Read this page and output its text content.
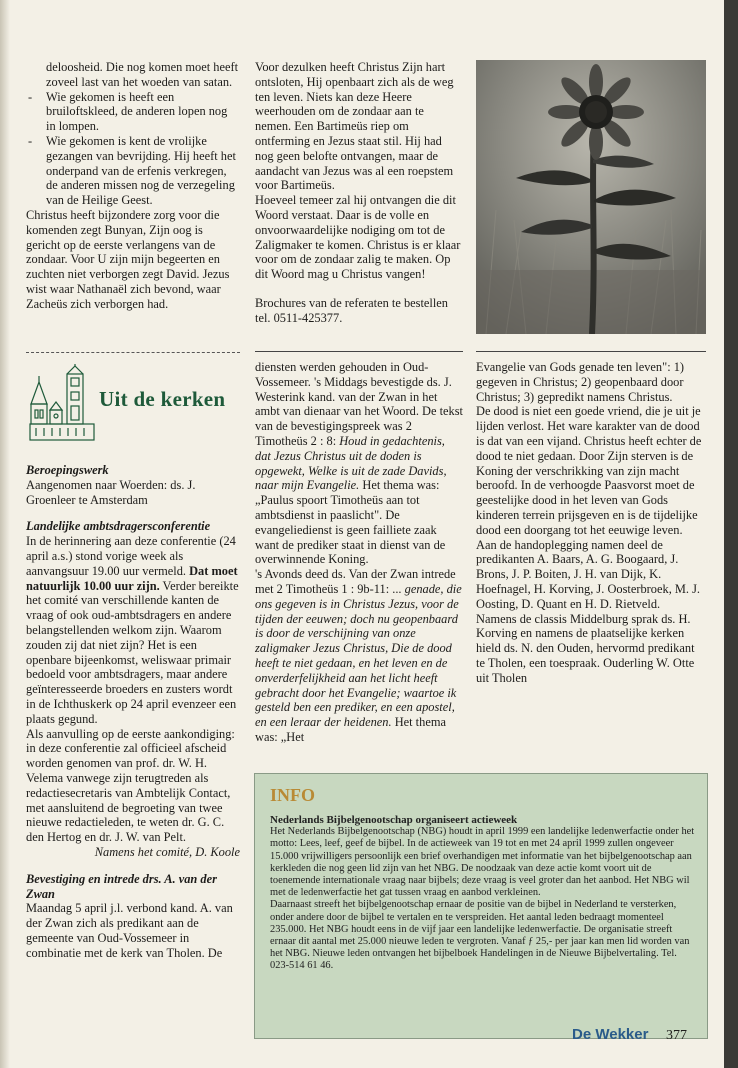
deloosheid. Die nog komen moet heeft zoveel last van het woeden van satan.

- Wie gekomen is heeft een bruiloftskleed, de anderen lopen nog in lompen.

- Wie gekomen is kent de vrolijke gezangen van bevrijding. Hij heeft het onderpand van de erfenis verkregen, de anderen missen nog de verzegeling van de Heilige Geest.

Christus heeft bijzondere zorg voor die komenden zegt Bunyan, Zijn oog is gericht op de eerste verlangens van de zondaar. Voor U zijn mijn begeerten en zuchten niet verborgen zegt David. Jezus wist waar Nathanaël zich bevond, waar Zacheüs zich verborgen had.

Voor dezulken heeft Christus Zijn hart ontsloten, Hij openbaart zich als de weg ten leven. Niets kan deze Heere weerhouden om de zondaar aan te nemen. Een Bartimeüs riep om ontferming en Jezus staat stil. Hij had nog geen belofte ontvangen, maar de aandacht van Jezus was al een roepstem voor Bartimeüs.

Hoeveel temeer zal hij ontvangen die dit Woord verstaat. Daar is de volle en onvoorwaardelijke nodiging om tot de Zaligmaker te komen. Christus is er klaar voor om de zondaar zalig te maken. Op dit Woord mag u Christus vangen!

Brochures van de referaten te bestellen tel. 0511-425377.

Uit de kerken

Beroepingswerk

Aangenomen naar Woerden: ds. J. Groenleer te Amsterdam

Landelijke ambtsdragersconferentie

In de herinnering aan deze conferentie (24 april a.s.) stond vorige week als aanvangsuur 19.00 uur vermeld. Dat moet natuurlijk 10.00 uur zijn. Verder bereikte het comité van verschillende kanten de vraag of ook oud-ambtsdragers en andere belangstellenden welkom zijn. Waarom zouden zij dat niet zijn? Het is een openbare bijeenkomst, weliswaar primair bedoeld voor ambtsdragers, maar andere geïnteresseerde broeders en zusters wordt in de Ichthuskerk op 24 april evenzeer een plaats gegund.

Als aanvulling op de eerste aankondiging: in deze conferentie zal officieel afscheid worden genomen van prof. dr. W. H. Velema vanwege zijn terugtreden als redactiesecretaris van Ambtelijk Contact, met aansluitend de begroeting van twee nieuwe redactieleden, te weten dr. G. C. den Hertog en dr. J. W. van Pelt.

Namens het comité, D. Koole

Bevestiging en intrede drs. A. van der Zwan

Maandag 5 april j.l. verbond kand. A. van der Zwan zich als predikant aan de gemeente van Oud-Vossemeer in combinatie met de kerk van Tholen. De

diensten werden gehouden in Oud-Vossemeer. 's Middags bevestigde ds. J. Westerink kand. van der Zwan in het ambt van dienaar van het Woord. De tekst van de bevestigingspreek was 2 Timotheüs 2 : 8: Houd in gedachtenis, dat Jezus Christus uit de doden is opgewekt, Welke is uit de zade Davids, naar mijn Evangelie. Het thema was: „Paulus spoort Timotheüs aan tot ambtsdienst in paaslicht". De evangeliedienst is geen failliete zaak want de prediker staat in dienst van de overwinnende Koning.

's Avonds deed ds. Van der Zwan intrede met 2 Timotheüs 1 : 9b-11: ... genade, die ons gegeven is in Christus Jezus, voor de tijden der eeuwen; doch nu geopenbaard is door de verschijning van onze zaligmaker Jezus Christus, Die de dood heeft te niet gedaan, en het leven en de onverderfelijkheid aan het licht heeft gebracht door het Evangelie; waartoe ik gesteld ben een prediker, en een apostel, en een leraar der heidenen. Het thema was: „Het

Evangelie van Gods genade ten leven": 1) gegeven in Christus; 2) geopenbaard door Christus; 3) gepredikt namens Christus.

De dood is niet een goede vriend, die je uit je lijden verlost. Het ware karakter van de dood is dat van een vijand. Christus heeft echter de dood te niet gedaan. Door Zijn sterven is de Koning der verschrikking van zijn macht beroofd. In de verhoogde Paasvorst moet de geestelijke dood in het leven van Gods kinderen terrein prijsgeven en is de tijdelijke dood een doorgang tot het eeuwige leven.

Aan de handoplegging namen deel de predikanten A. Baars, A. G. Boogaard, J. Brons, J. P. Boiten, J. H. van Dijk, K. Hoefnagel, H. Korving, J. Oosterbroek, M. J. Oosting, D. Quant en H. D. Rietveld.

Namens de classis Middelburg sprak ds. H. Korving en namens de plaatselijke kerken hield ds. N. den Ouden, hervormd predikant te Tholen, een toespraak. Ouderling W. Otte uit Tholen

INFO

Nederlands Bijbelgenootschap organiseert actieweek

Het Nederlands Bijbelgenootschap (NBG) houdt in april 1999 een landelijke ledenwerfactie onder het motto: Lees, leef, geef de bijbel. In de actieweek van 19 tot en met 24 april 1999 zullen ongeveer 15.000 vrijwilligers persoonlijk een brief overhandigen met informatie van het bijbelgenootschap aan kerkleden die nog geen lid zijn van het NBG. De noodzaak van deze actie komt voort uit de toenemende internationale vraag naar bijbels; deze vraag is veel groter dan het aanbod. Het NBG wil met de ledenwerfactie het gat tussen vraag en aanbod verkleinen.

Daarnaast streeft het bijbelgenootschap ernaar de positie van de bijbel in Nederland te versterken, onder andere door de bijbel te vertalen en te verspreiden. Het aantal leden bedraagt momenteel 235.000. Het NBG houdt eens in de vijf jaar een landelijke ledenwerfactie. De organisatie streeft ernaar dit aantal met 25.000 nieuwe leden te vergroten. Vanaf ƒ 25,- per jaar kan men lid worden van het NBG. Nieuwe leden ontvangen het bijbelboek Handelingen in de Nieuwe Bijbelvertaling. Tel. 023-514 61 46.

De Wekker 377
